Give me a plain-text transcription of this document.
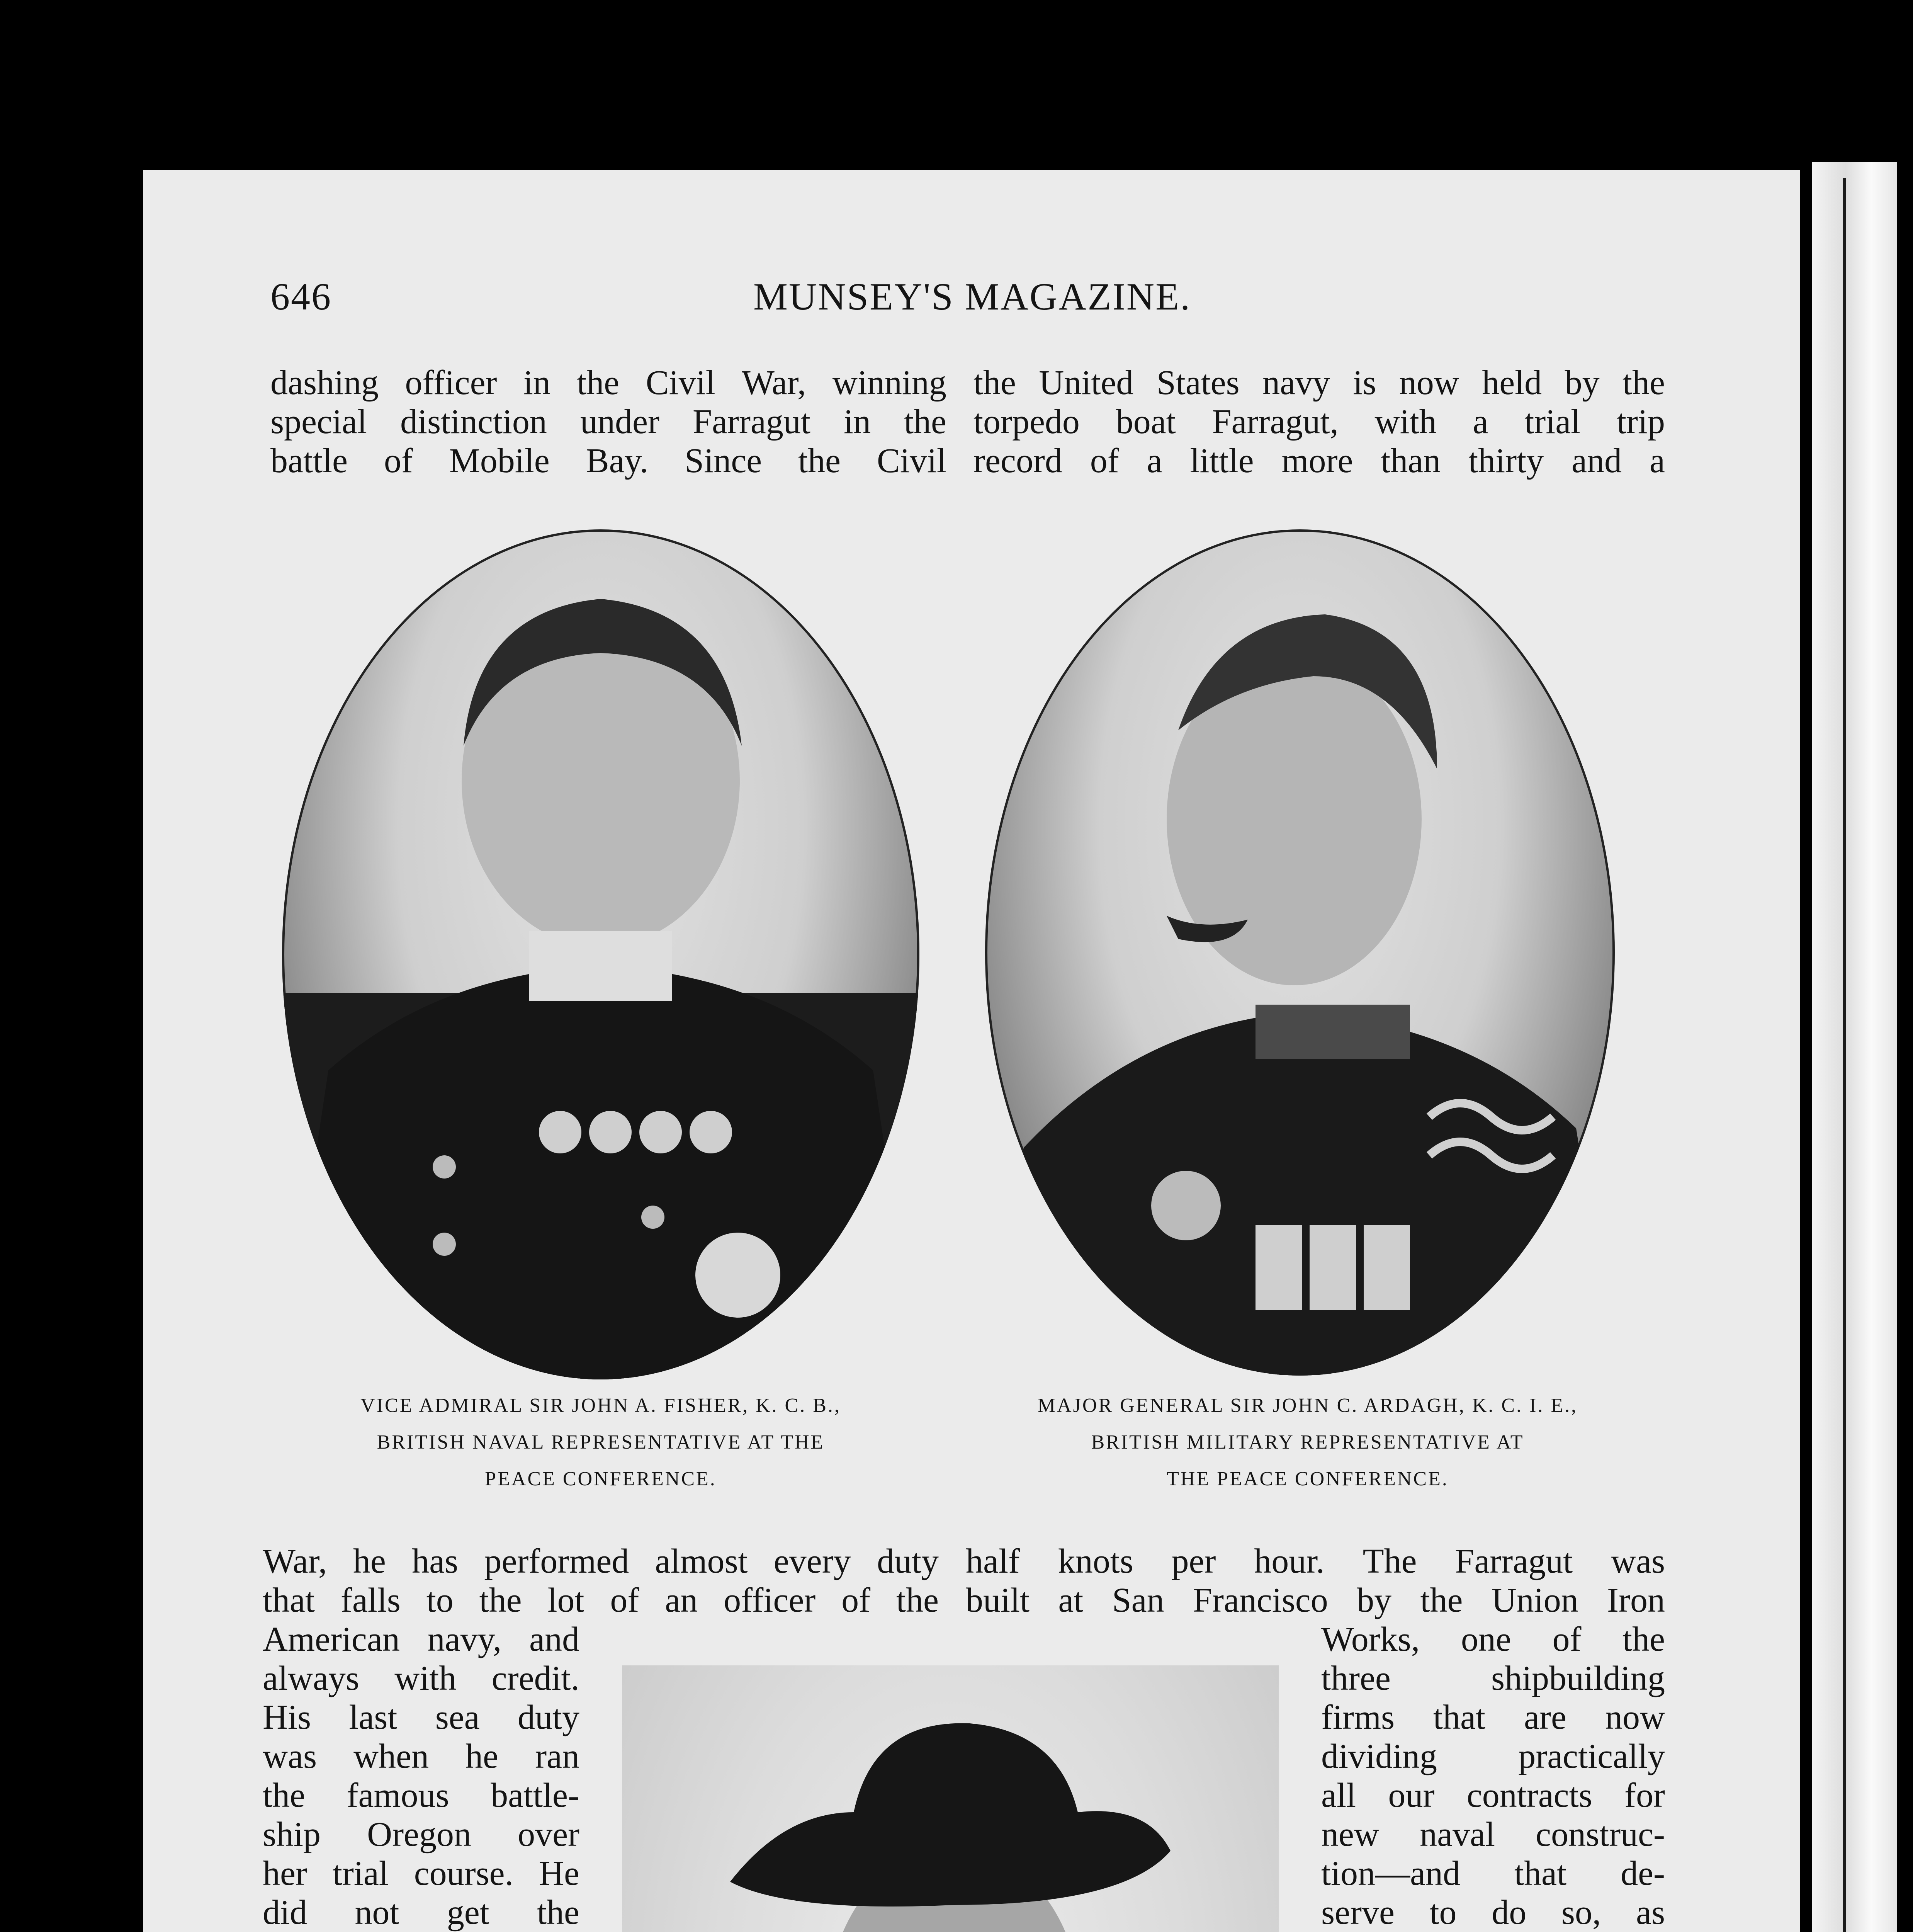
646	MUNSEY'S MAGAZINE.
dashing officer in the Civil War, winning
special distinction under Farragut in the
battle of Mobile Bay. Since the Civil
the United States navy is now held by the
torpedo boat Farragut, with a trial trip
record of a little more than thirty and a
VICE ADMIRAL SIR JOHN A. FISHER, K. C. B.,
BRITISH NAVAL REPRESENTATIVE AT THE
PEACE CONFERENCE.
MAJOR GENERAL SIR JOHN C. ARDAGH, K. C. I. E.,
BRITISH MILITARY REPRESENTATIVE AT
THE PEACE CONFERENCE.
War, he has performed almost every duty
that falls to the lot of an officer of the
half knots per hour. The Farragut was
built at San Francisco by the Union Iron
American navy, and
always with credit.
His last sea duty
was when he ran
the famous battle-
ship Oregon over
her trial course. He
did not get the
Works, one of the
three	shipbuilding
firms that are now
dividing practically
all our contracts for
new naval construc-
tion—and that de-
serve to do so, as
